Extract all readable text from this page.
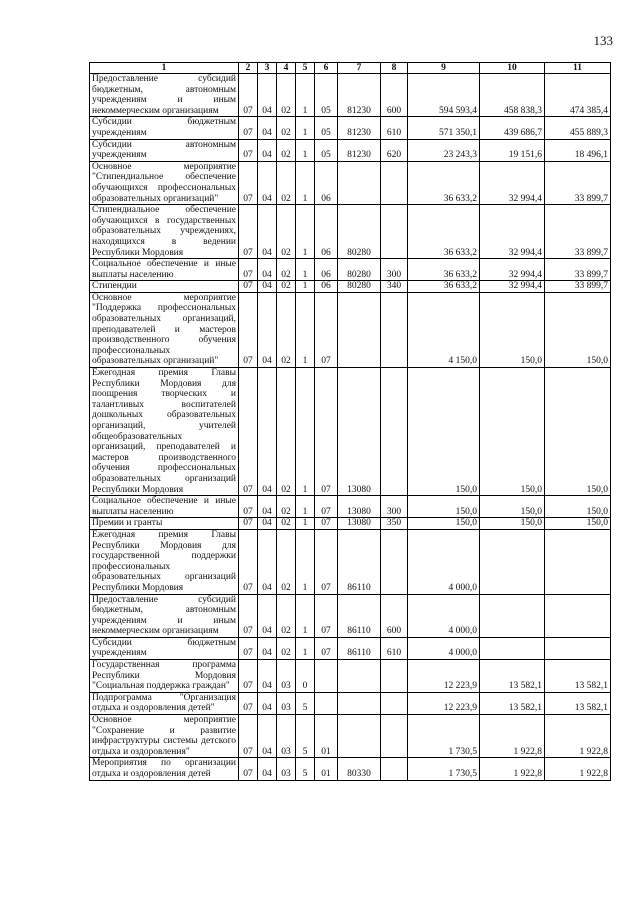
133
1	2	3	4	5	6	7	8	9	10	11
Предоставление субсидий бюджетным, автономным учреждениям и иным некоммерческим организациям	07	04	02	1	05	81230	600	594 593,4	458 838,3	474 385,4
Субсидии бюджетным учреждениям	07	04	02	1	05	81230	610	571 350,1	439 686,7	455 889,3
Субсидии автономным учреждениям	07	04	02	1	05	81230	620	23 243,3	19 151,6	18 496,1
Основное мероприятие "Стипендиальное обеспечение обучающихся профессиональных образовательных организаций"	07	04	02	1	06			36 633,2	32 994,4	33 899,7
Стипендиальное обеспечение обучающихся в государственных образовательных учреждениях, находящихся в ведении Республики Мордовия	07	04	02	1	06	80280		36 633,2	32 994,4	33 899,7
Социальное обеспечение и иные выплаты населению	07	04	02	1	06	80280	300	36 633,2	32 994,4	33 899,7
Стипендии	07	04	02	1	06	80280	340	36 633,2	32 994,4	33 899,7
Основное мероприятие "Поддержка профессиональных образовательных организаций, преподавателей и мастеров производственного обучения профессиональных образовательных организаций"	07	04	02	1	07			4 150,0	150,0	150,0
Ежегодная премия Главы Республики Мордовия для поощрения творческих и талантливых воспитателей дошкольных образовательных организаций, учителей общеобразовательных организаций, преподавателей и мастеров производственного обучения профессиональных образовательных организаций Республики Мордовия	07	04	02	1	07	13080		150,0	150,0	150,0
Социальное обеспечение и иные выплаты населению	07	04	02	1	07	13080	300	150,0	150,0	150,0
Премии и гранты	07	04	02	1	07	13080	350	150,0	150,0	150,0
Ежегодная премия Главы Республики Мордовия для государственной поддержки профессиональных образовательных организаций Республики Мордовия	07	04	02	1	07	86110		4 000,0		
Предоставление субсидий бюджетным, автономным учреждениям и иным некоммерческим организациям	07	04	02	1	07	86110	600	4 000,0		
Субсидии бюджетным учреждениям	07	04	02	1	07	86110	610	4 000,0		
Государственная программа Республики Мордовия "Социальная поддержка граждан"	07	04	03	0				12 223,9	13 582,1	13 582,1
Подпрограмма "Организация отдыха и оздоровления детей"	07	04	03	5				12 223,9	13 582,1	13 582,1
Основное мероприятие "Сохранение и развитие инфраструктуры системы детского отдыха и оздоровления"	07	04	03	5	01			1 730,5	1 922,8	1 922,8
Мероприятия по организации отдыха и оздоровления детей	07	04	03	5	01	80330		1 730,5	1 922,8	1 922,8
